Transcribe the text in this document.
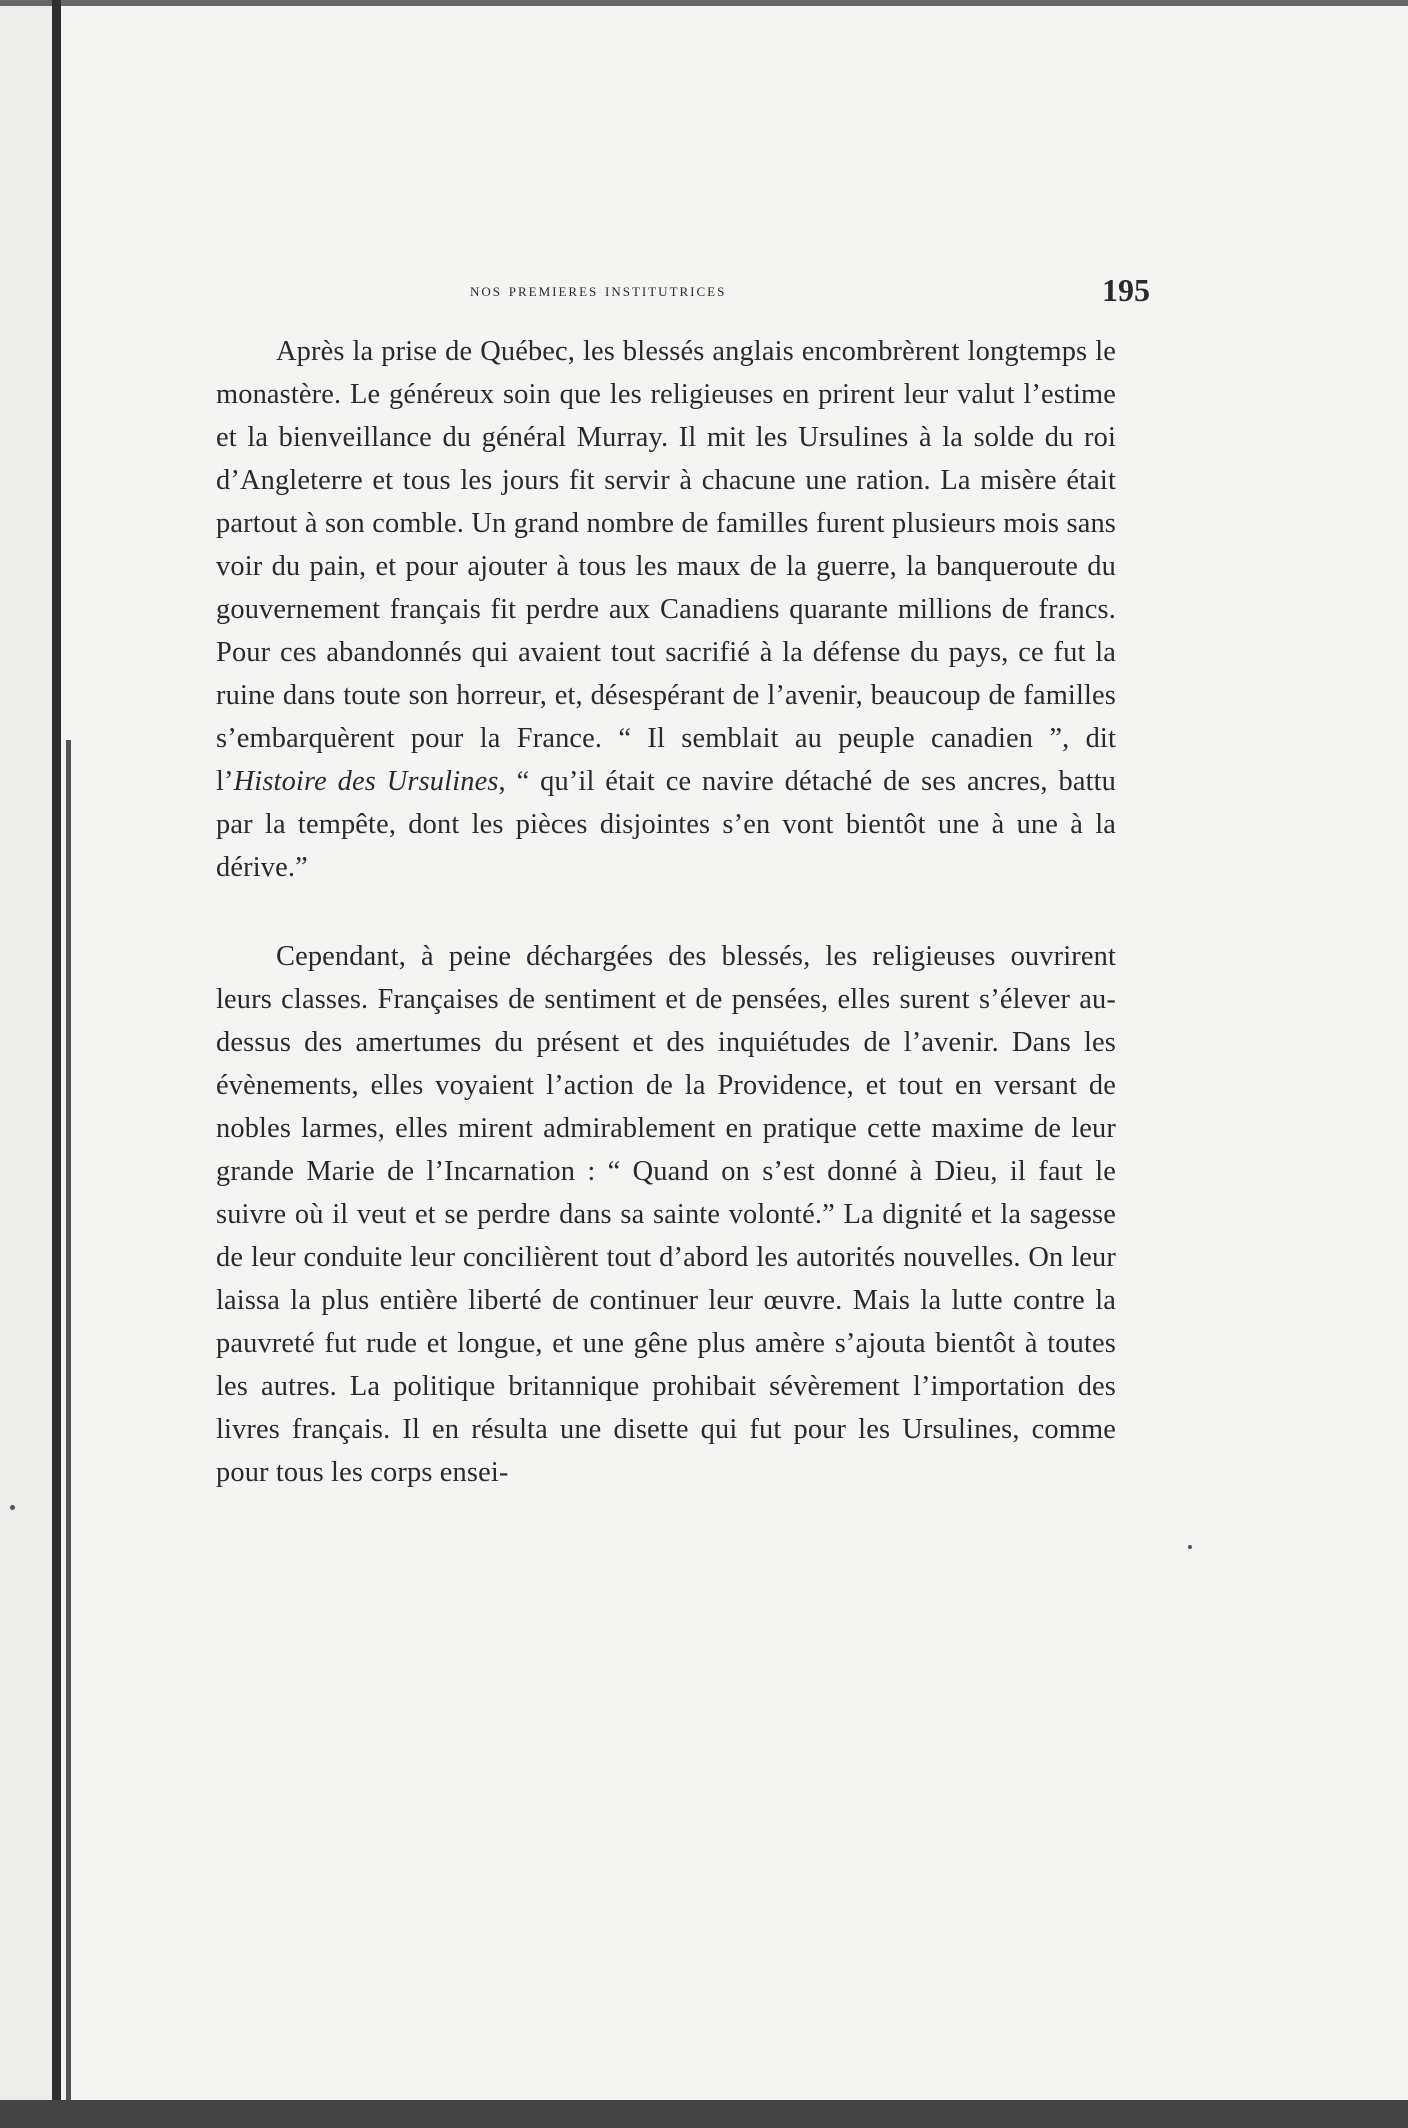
nos premieres institutrices	195

Après la prise de Québec, les blessés anglais encombrèrent longtemps le monastère. Le généreux soin que les religieuses en prirent leur valut l’estime et la bienveillance du général Murray. Il mit les Ursulines à la solde du roi d’Angleterre et tous les jours fit servir à chacune une ration. La misère était partout à son comble. Un grand nombre de familles furent plusieurs mois sans voir du pain, et pour ajouter à tous les maux de la guerre, la banqueroute du gouvernement français fit perdre aux Canadiens quarante millions de francs. Pour ces abandonnés qui avaient tout sacrifié à la défense du pays, ce fut la ruine dans toute son horreur, et, désespérant de l’avenir, beaucoup de familles s’embarquèrent pour la France. “ Il semblait au peuple canadien ”, dit l’Histoire des Ursulines, “ qu’il était ce navire détaché de ses ancres, battu par la tempête, dont les pièces disjointes s’en vont bientôt une à une à la dérive.”

Cependant, à peine déchargées des blessés, les religieuses ouvrirent leurs classes. Françaises de sentiment et de pensées, elles surent s’élever au-dessus des amertumes du présent et des inquiétudes de l’avenir. Dans les évènements, elles voyaient l’action de la Providence, et tout en versant de nobles larmes, elles mirent admirablement en pratique cette maxime de leur grande Marie de l’Incarnation : “ Quand on s’est donné à Dieu, il faut le suivre où il veut et se perdre dans sa sainte volonté.” La dignité et la sagesse de leur conduite leur concilièrent tout d’abord les autorités nouvelles. On leur laissa la plus entière liberté de continuer leur œuvre. Mais la lutte contre la pauvreté fut rude et longue, et une gêne plus amère s’ajouta bientôt à toutes les autres. La politique britannique prohibait sévèrement l’importation des livres français. Il en résulta une disette qui fut pour les Ursulines, comme pour tous les corps ensei-
